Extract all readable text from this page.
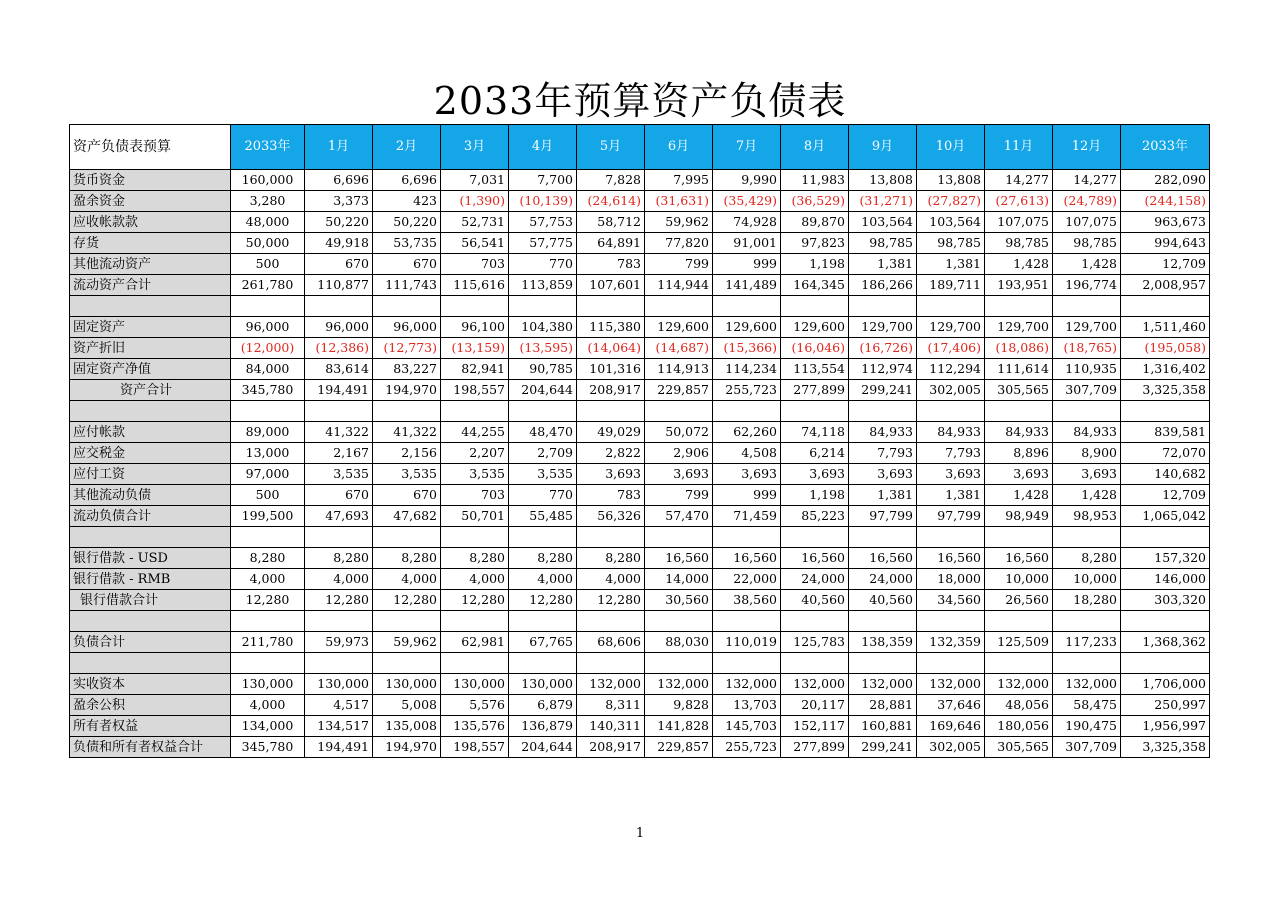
2033年预算资产负债表
资产负债表预算	2033年	1月	2月	3月	4月	5月	6月	7月	8月	9月	10月	11月	12月	2033年
货币资金	160,000	6,696	6,696	7,031	7,700	7,828	7,995	9,990	11,983	13,808	13,808	14,277	14,277	282,090
盈余资金	3,280	3,373	423	(1,390)	(10,139)	(24,614)	(31,631)	(35,429)	(36,529)	(31,271)	(27,827)	(27,613)	(24,789)	(244,158)
应收帐款款	48,000	50,220	50,220	52,731	57,753	58,712	59,962	74,928	89,870	103,564	103,564	107,075	107,075	963,673
存货	50,000	49,918	53,735	56,541	57,775	64,891	77,820	91,001	97,823	98,785	98,785	98,785	98,785	994,643
其他流动资产	500	670	670	703	770	783	799	999	1,198	1,381	1,381	1,428	1,428	12,709
流动资产合计	261,780	110,877	111,743	115,616	113,859	107,601	114,944	141,489	164,345	186,266	189,711	193,951	196,774	2,008,957

固定资产	96,000	96,000	96,000	96,100	104,380	115,380	129,600	129,600	129,600	129,700	129,700	129,700	129,700	1,511,460
资产折旧	(12,000)	(12,386)	(12,773)	(13,159)	(13,595)	(14,064)	(14,687)	(15,366)	(16,046)	(16,726)	(17,406)	(18,086)	(18,765)	(195,058)
固定资产净值	84,000	83,614	83,227	82,941	90,785	101,316	114,913	114,234	113,554	112,974	112,294	111,614	110,935	1,316,402
资产合计	345,780	194,491	194,970	198,557	204,644	208,917	229,857	255,723	277,899	299,241	302,005	305,565	307,709	3,325,358

应付帐款	89,000	41,322	41,322	44,255	48,470	49,029	50,072	62,260	74,118	84,933	84,933	84,933	84,933	839,581
应交税金	13,000	2,167	2,156	2,207	2,709	2,822	2,906	4,508	6,214	7,793	7,793	8,896	8,900	72,070
应付工资	97,000	3,535	3,535	3,535	3,535	3,693	3,693	3,693	3,693	3,693	3,693	3,693	3,693	140,682
其他流动负债	500	670	670	703	770	783	799	999	1,198	1,381	1,381	1,428	1,428	12,709
流动负债合计	199,500	47,693	47,682	50,701	55,485	56,326	57,470	71,459	85,223	97,799	97,799	98,949	98,953	1,065,042

银行借款 - USD	8,280	8,280	8,280	8,280	8,280	8,280	16,560	16,560	16,560	16,560	16,560	16,560	8,280	157,320
银行借款 - RMB	4,000	4,000	4,000	4,000	4,000	4,000	14,000	22,000	24,000	24,000	18,000	10,000	10,000	146,000
银行借款合计	12,280	12,280	12,280	12,280	12,280	12,280	30,560	38,560	40,560	40,560	34,560	26,560	18,280	303,320

负债合计	211,780	59,973	59,962	62,981	67,765	68,606	88,030	110,019	125,783	138,359	132,359	125,509	117,233	1,368,362

实收资本	130,000	130,000	130,000	130,000	130,000	132,000	132,000	132,000	132,000	132,000	132,000	132,000	132,000	1,706,000
盈余公积	4,000	4,517	5,008	5,576	6,879	8,311	9,828	13,703	20,117	28,881	37,646	48,056	58,475	250,997
所有者权益	134,000	134,517	135,008	135,576	136,879	140,311	141,828	145,703	152,117	160,881	169,646	180,056	190,475	1,956,997
负债和所有者权益合计	345,780	194,491	194,970	198,557	204,644	208,917	229,857	255,723	277,899	299,241	302,005	305,565	307,709	3,325,358
1
